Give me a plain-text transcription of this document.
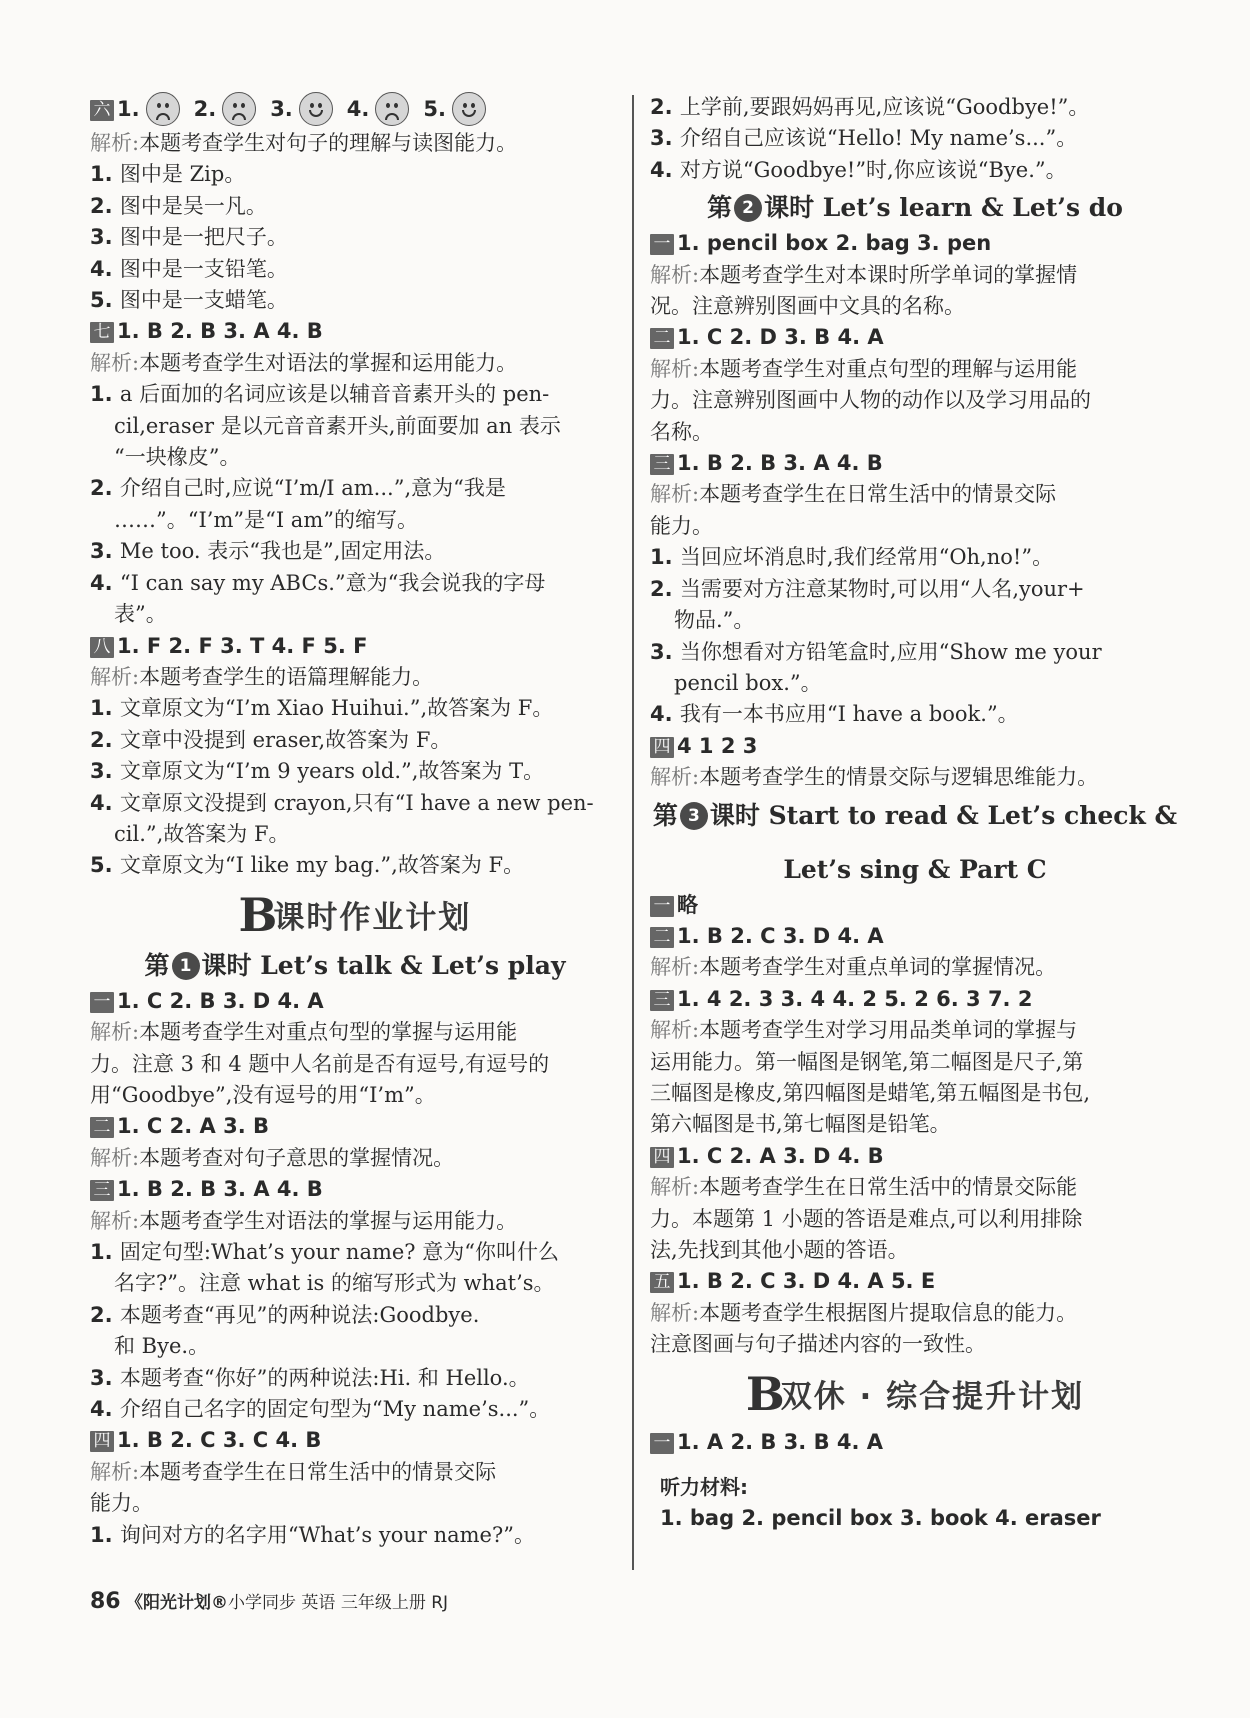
六 1.	2.	3.	4.	5.
解析:本题考查学生对句子的理解与读图能力。
1. 图中是 Zip。
2. 图中是吴一凡。
3. 图中是一把尺子。
4. 图中是一支铅笔。
5. 图中是一支蜡笔。
七 1. B 2. B 3. A 4. B
解析:本题考查学生对语法的掌握和运用能力。
1. a 后面加的名词应该是以辅音音素开头的 pen-
cil,eraser 是以元音音素开头,前面要加 an 表示
“一块橡皮”。
2. 介绍自己时,应说“I’m/I am...”,意为“我是
……”。“I’m”是“I am”的缩写。
3. Me too. 表示“我也是”,固定用法。
4. “I can say my ABCs.”意为“我会说我的字母
表”。
八 1. F 2. F 3. T 4. F 5. F
解析:本题考查学生的语篇理解能力。
1. 文章原文为“I’m Xiao Huihui.”,故答案为 F。
2. 文章中没提到 eraser,故答案为 F。
3. 文章原文为“I’m 9 years old.”,故答案为 T。
4. 文章原文没提到 crayon,只有“I have a new pen-
cil.”,故答案为 F。
5. 文章原文为“I like my bag.”,故答案为 F。
B课时作业计划
第 1 课时 Let’s talk & Let’s play
一 1. C 2. B 3. D 4. A
解析:本题考查学生对重点句型的掌握与运用能
力。注意 3 和 4 题中人名前是否有逗号,有逗号的
用“Goodbye”,没有逗号的用“I’m”。
二 1. C 2. A 3. B
解析:本题考查对句子意思的掌握情况。
三 1. B 2. B 3. A 4. B
解析:本题考查学生对语法的掌握与运用能力。
1. 固定句型:What’s your name? 意为“你叫什么
名字?”。注意 what is 的缩写形式为 what’s。
2. 本题考查“再见”的两种说法:Goodbye.
和 Bye.。
3. 本题考查“你好”的两种说法:Hi. 和 Hello.。
4. 介绍自己名字的固定句型为“My name’s...”。
四 1. B 2. C 3. C 4. B
解析:本题考查学生在日常生活中的情景交际
能力。
1. 询问对方的名字用“What’s your name?”。
2. 上学前,要跟妈妈再见,应该说“Goodbye!”。
3. 介绍自己应该说“Hello! My name’s...”。
4. 对方说“Goodbye!”时,你应该说“Bye.”。
第 2 课时 Let’s learn & Let’s do
一 1. pencil box 2. bag 3. pen
解析:本题考查学生对本课时所学单词的掌握情
况。注意辨别图画中文具的名称。
二 1. C 2. D 3. B 4. A
解析:本题考查学生对重点句型的理解与运用能
力。注意辨别图画中人物的动作以及学习用品的
名称。
三 1. B 2. B 3. A 4. B
解析:本题考查学生在日常生活中的情景交际
能力。
1. 当回应坏消息时,我们经常用“Oh,no!”。
2. 当需要对方注意某物时,可以用“人名,your+
物品.”。
3. 当你想看对方铅笔盒时,应用“Show me your
pencil box.”。
4. 我有一本书应用“I have a book.”。
四 4 1 2 3
解析:本题考查学生的情景交际与逻辑思维能力。
第 3 课时 Start to read & Let’s check &
Let’s sing & Part C
一 略
二 1. B 2. C 3. D 4. A
解析:本题考查学生对重点单词的掌握情况。
三 1. 4 2. 3 3. 4 4. 2 5. 2 6. 3 7. 2
解析:本题考查学生对学习用品类单词的掌握与
运用能力。第一幅图是钢笔,第二幅图是尺子,第
三幅图是橡皮,第四幅图是蜡笔,第五幅图是书包,
第六幅图是书,第七幅图是铅笔。
四 1. C 2. A 3. D 4. B
解析:本题考查学生在日常生活中的情景交际能
力。本题第 1 小题的答语是难点,可以利用排除
法,先找到其他小题的答语。
五 1. B 2. C 3. D 4. A 5. E
解析:本题考查学生根据图片提取信息的能力。
注意图画与句子描述内容的一致性。
B双休 · 综合提升计划
一 1. A 2. B 3. B 4. A
听力材料:
1. bag 2. pencil box 3. book 4. eraser
86 《阳光计划®小学同步 英语 三年级上册 RJ
